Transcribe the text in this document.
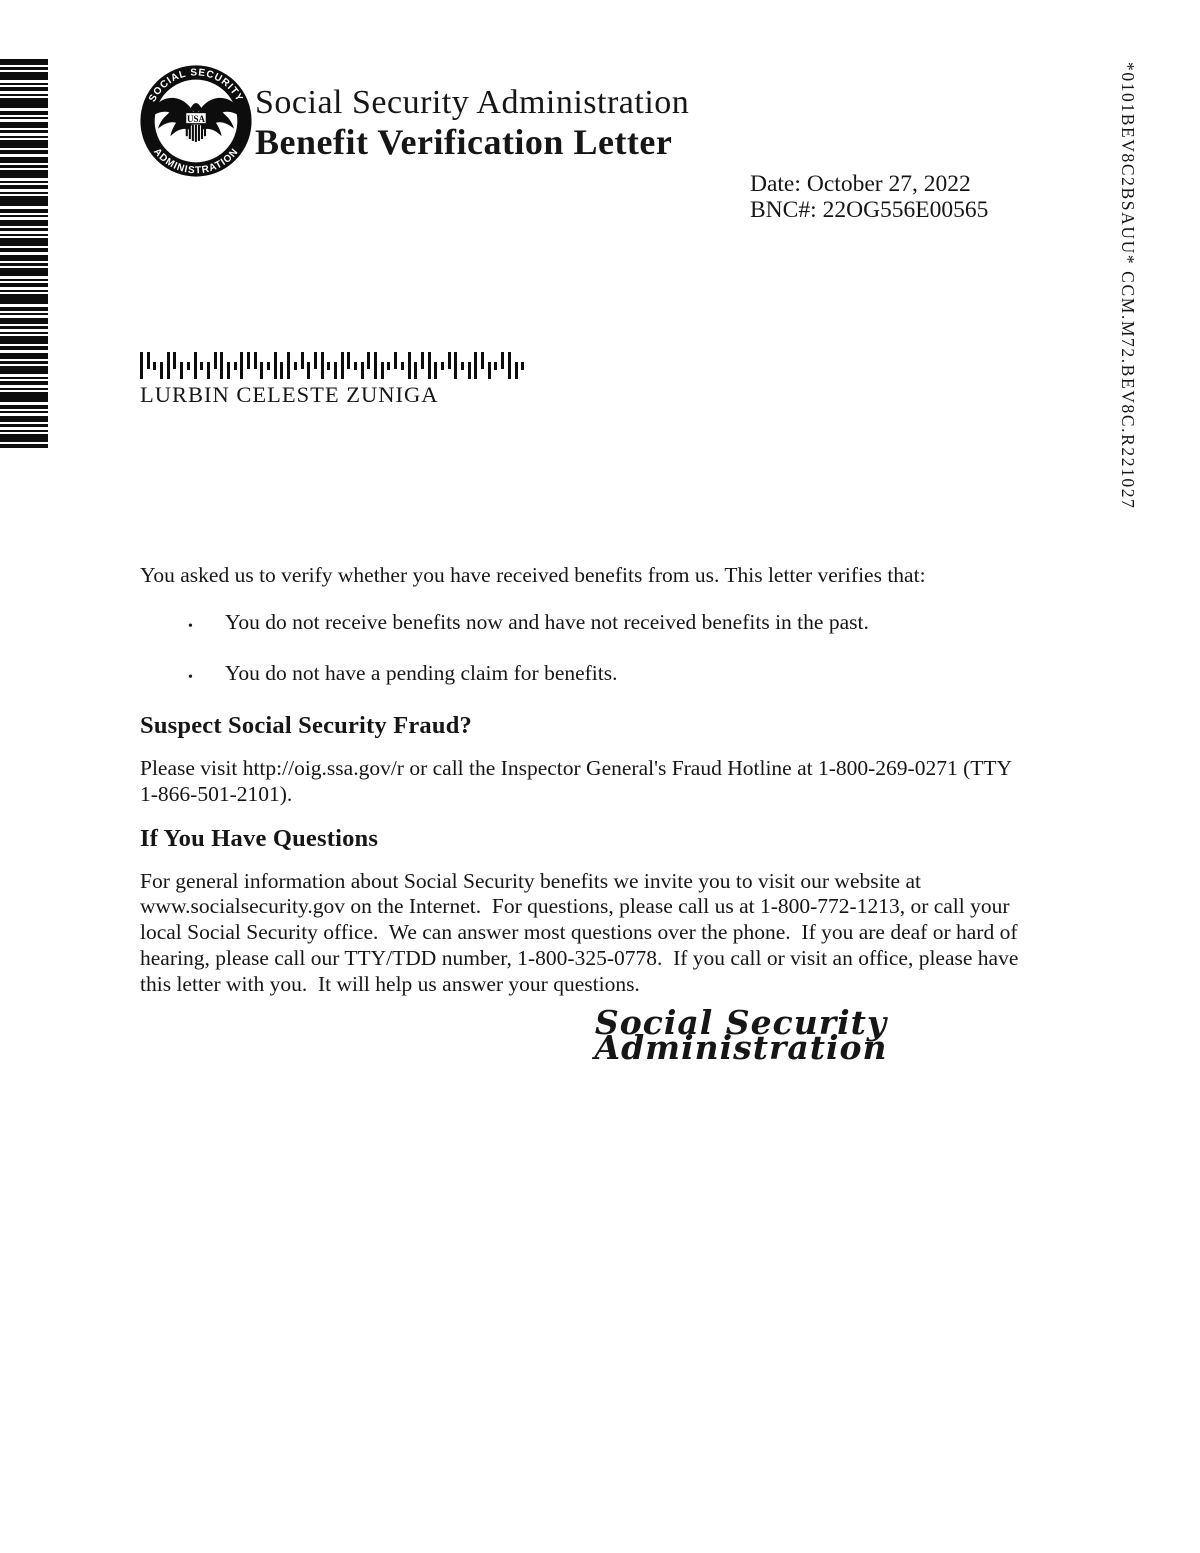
SOCIAL SECURITY
ADMINISTRATION
USA Social Security Administration
Benefit Verification Letter
Date: October 27, 2022
BNC#: 22OG556E00565	*0101BEV8C2BSAUU* CCM.M72.BEV8C.R221027
LURBIN CELESTE ZUNIGA

You asked us to verify whether you have received benefits from us. This letter verifies that:

•	You do not receive benefits now and have not received benefits in the past.
•	You do not have a pending claim for benefits.
Suspect Social Security Fraud?

Please visit http://oig.ssa.gov/r or call the Inspector General's Fraud Hotline at 1-800-269-0271 (TTY 1-866-501-2101).

If You Have Questions

For general information about Social Security benefits we invite you to visit our website at www.socialsecurity.gov on the Internet.  For questions, please call us at 1-800-772-1213, or call your local Social Security office.  We can answer most questions over the phone.  If you are deaf or hard of hearing, please call our TTY/TDD number, 1-800-325-0778.  If you call or visit an office, please have this letter with you.  It will help us answer your questions.

Social Security Administration
